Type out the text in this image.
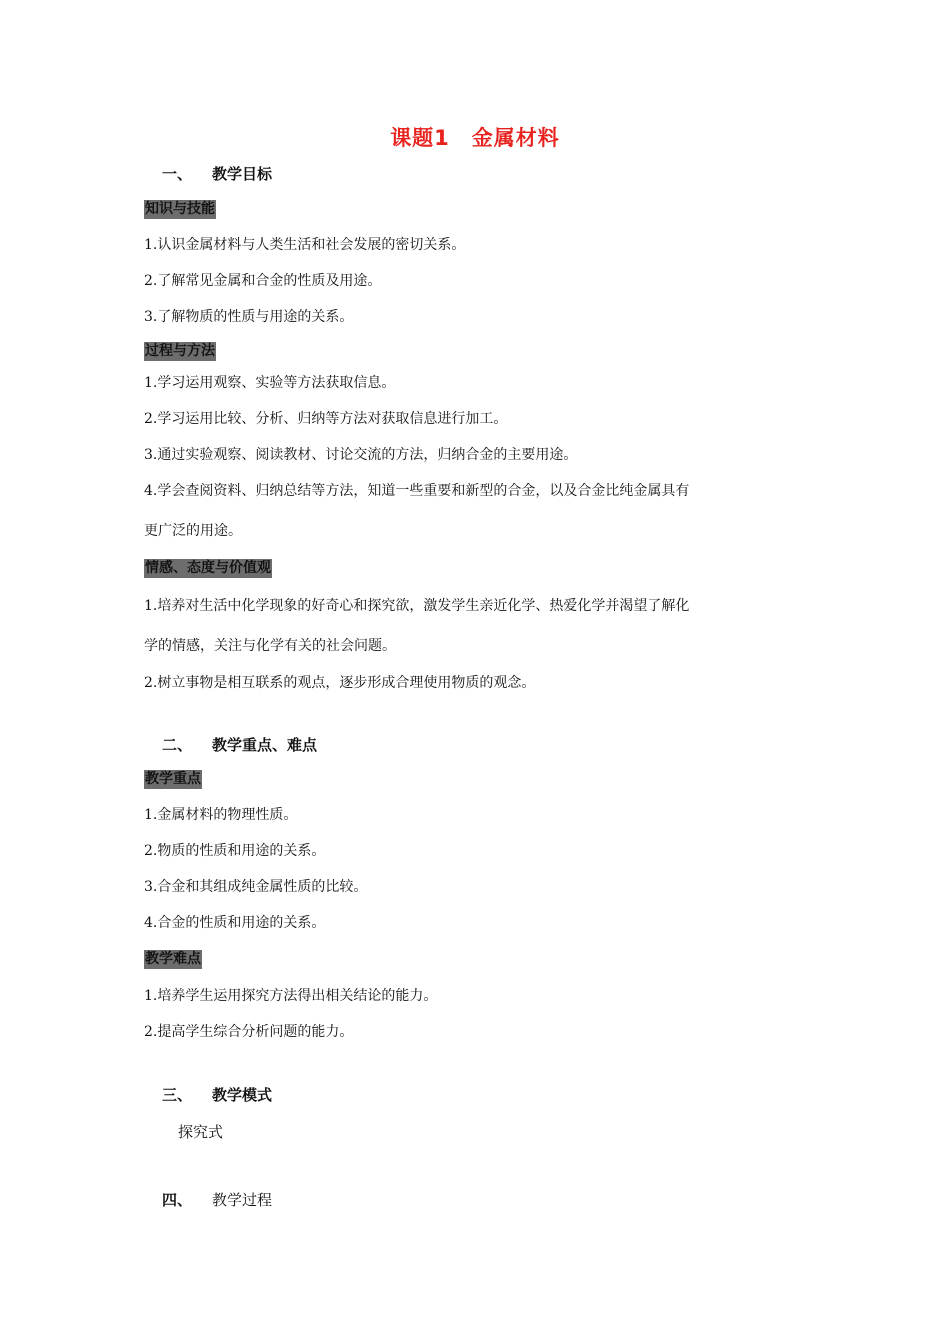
课题1　金属材料
一、 教学目标
知识与技能
1.认识金属材料与人类生活和社会发展的密切关系。
2.了解常见金属和合金的性质及用途。
3.了解物质的性质与用途的关系。
过程与方法
1.学习运用观察、实验等方法获取信息。
2.学习运用比较、分析、归纳等方法对获取信息进行加工。
3.通过实验观察、阅读教材、讨论交流的方法，归纳合金的主要用途。
4.学会查阅资料、归纳总结等方法，知道一些重要和新型的合金，以及合金比纯金属具有
更广泛的用途。
情感、态度与价值观
1.培养对生活中化学现象的好奇心和探究欲，激发学生亲近化学、热爱化学并渴望了解化
学的情感，关注与化学有关的社会问题。
2.树立事物是相互联系的观点，逐步形成合理使用物质的观念。
二、 教学重点、难点
教学重点
1.金属材料的物理性质。
2.物质的性质和用途的关系。
3.合金和其组成纯金属性质的比较。
4.合金的性质和用途的关系。
教学难点
1.培养学生运用探究方法得出相关结论的能力。
2.提高学生综合分析问题的能力。
三、 教学模式
探究式
四、 教学过程
